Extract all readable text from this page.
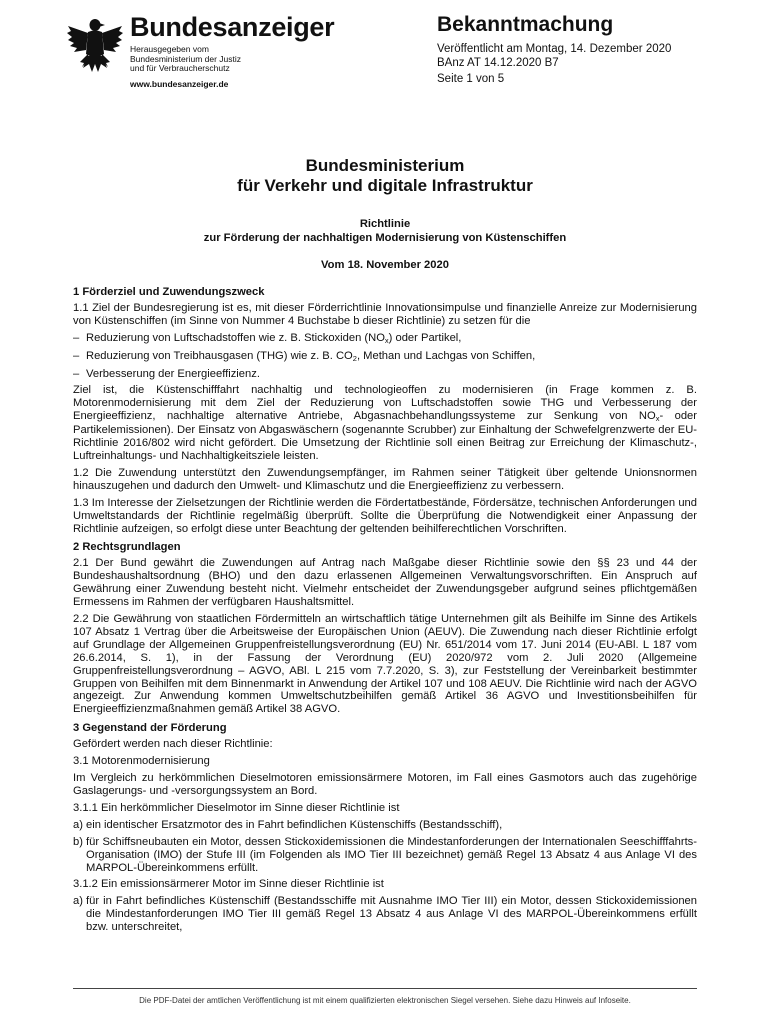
Bundesanzeiger
Herausgegeben vom
Bundesministerium der Justiz
und für Verbraucherschutz
www.bundesanzeiger.de
Bekanntmachung
Veröffentlicht am Montag, 14. Dezember 2020
BAnz AT 14.12.2020 B7
Seite 1 von 5
Bundesministerium
für Verkehr und digitale Infrastruktur
Richtlinie
zur Förderung der nachhaltigen Modernisierung von Küstenschiffen
Vom 18. November 2020
1 Förderziel und Zuwendungszweck

1.1 Ziel der Bundesregierung ist es, mit dieser Förderrichtlinie Innovationsimpulse und finanzielle Anreize zur Modernisierung von Küstenschiffen (im Sinne von Nummer 4 Buchstabe b dieser Richtlinie) zu setzen für die

– Reduzierung von Luftschadstoffen wie z. B. Stickoxiden (NOx) oder Partikel,
– Reduzierung von Treibhausgasen (THG) wie z. B. CO2, Methan und Lachgas von Schiffen,
– Verbesserung der Energieeffizienz.

Ziel ist, die Küstenschifffahrt nachhaltig und technologieoffen zu modernisieren (in Frage kommen z. B. Motorenmodernisierung mit dem Ziel der Reduzierung von Luftschadstoffen sowie THG und Verbesserung der Energieeffizienz, nachhaltige alternative Antriebe, Abgasnachbehandlungssysteme zur Senkung von NOx- oder Partikelemissionen). Der Einsatz von Abgaswäschern (sogenannte Scrubber) zur Einhaltung der Schwefelgrenzwerte der EU-Richtlinie 2016/802 wird nicht gefördert. Die Umsetzung der Richtlinie soll einen Beitrag zur Erreichung der Klimaschutz-, Luftreinhaltungs- und Nachhaltigkeitsziele leisten.

1.2 Die Zuwendung unterstützt den Zuwendungsempfänger, im Rahmen seiner Tätigkeit über geltende Unionsnormen hinauszugehen und dadurch den Umwelt- und Klimaschutz und die Energieeffizienz zu verbessern.

1.3 Im Interesse der Zielsetzungen der Richtlinie werden die Fördertatbestände, Fördersätze, technischen Anforderungen und Umweltstandards der Richtlinie regelmäßig überprüft. Sollte die Überprüfung die Notwendigkeit einer Anpassung der Richtlinie aufzeigen, so erfolgt diese unter Beachtung der geltenden beihilferechtlichen Vorschriften.

2 Rechtsgrundlagen

2.1 Der Bund gewährt die Zuwendungen auf Antrag nach Maßgabe dieser Richtlinie sowie den §§ 23 und 44 der Bundeshaushaltsordnung (BHO) und den dazu erlassenen Allgemeinen Verwaltungsvorschriften. Ein Anspruch auf Gewährung einer Zuwendung besteht nicht. Vielmehr entscheidet der Zuwendungsgeber aufgrund seines pflichtgemäßen Ermessens im Rahmen der verfügbaren Haushaltsmittel.

2.2 Die Gewährung von staatlichen Fördermitteln an wirtschaftlich tätige Unternehmen gilt als Beihilfe im Sinne des Artikels 107 Absatz 1 Vertrag über die Arbeitsweise der Europäischen Union (AEUV). Die Zuwendung nach dieser Richtlinie erfolgt auf Grundlage der Allgemeinen Gruppenfreistellungsverordnung (EU) Nr. 651/2014 vom 17. Juni 2014 (EU-ABl. L 187 vom 26.6.2014, S. 1), in der Fassung der Verordnung (EU) 2020/972 vom 2. Juli 2020 (Allgemeine Gruppenfreistellungsverordnung – AGVO, ABl. L 215 vom 7.7.2020, S. 3), zur Feststellung der Vereinbarkeit bestimmter Gruppen von Beihilfen mit dem Binnenmarkt in Anwendung der Artikel 107 und 108 AEUV. Die Richtlinie wird nach der AGVO angezeigt. Zur Anwendung kommen Umweltschutzbeihilfen gemäß Artikel 36 AGVO und Investitionsbeihilfen für Energieeffizienzmaßnahmen gemäß Artikel 38 AGVO.

3 Gegenstand der Förderung

Gefördert werden nach dieser Richtlinie:

3.1 Motorenmodernisierung

Im Vergleich zu herkömmlichen Dieselmotoren emissionsärmere Motoren, im Fall eines Gasmotors auch das zugehörige Gaslagerungs- und -versorgungssystem an Bord.

3.1.1 Ein herkömmlicher Dieselmotor im Sinne dieser Richtlinie ist

a) ein identischer Ersatzmotor des in Fahrt befindlichen Küstenschiffs (Bestandsschiff),
b) für Schiffsneubauten ein Motor, dessen Stickoxidemissionen die Mindestanforderungen der Internationalen Seeschifffahrts-Organisation (IMO) der Stufe III (im Folgenden als IMO Tier III bezeichnet) gemäß Regel 13 Absatz 4 aus Anlage VI des MARPOL-Übereinkommens erfüllt.

3.1.2 Ein emissionsärmerer Motor im Sinne dieser Richtlinie ist

a) für in Fahrt befindliches Küstenschiff (Bestandsschiffe mit Ausnahme IMO Tier III) ein Motor, dessen Stickoxidemissionen die Mindestanforderungen IMO Tier III gemäß Regel 13 Absatz 4 aus Anlage VI des MARPOL-Übereinkommens erfüllt bzw. unterschreitet,
Die PDF-Datei der amtlichen Veröffentlichung ist mit einem qualifizierten elektronischen Siegel versehen. Siehe dazu Hinweis auf Infoseite.
